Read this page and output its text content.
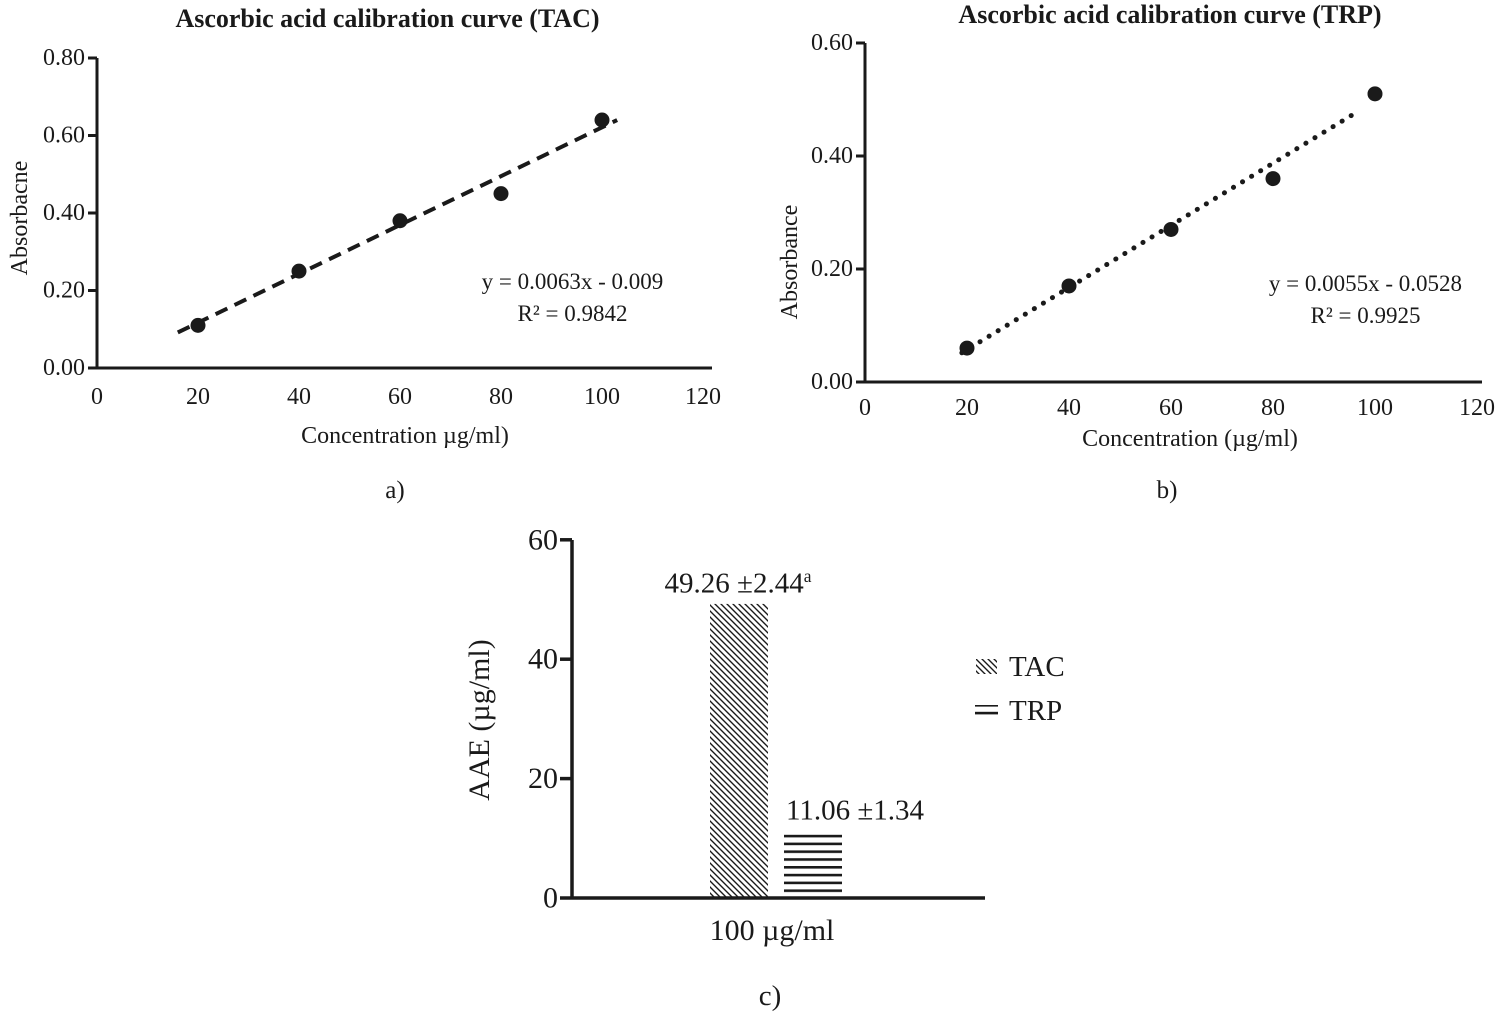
Ascorbic acid calibration curve (TAC)
Absorbacne
0.00
0.20
0.40
0.60
0.80
0	20	40	60	80	100	120
y = 0.0063x - 0.009
R² = 0.9842
Concentration µg/ml)
a)
Ascorbic acid calibration curve (TRP)
Absorbance
0.00
0.20
0.40
0.60
0	20	40	60	80	100	120
y = 0.0055x - 0.0528
R² = 0.9925
Concentration (µg/ml)
b)
AAE (µg/ml)
0
20
40
60
49.26 ±2.44$^a$
11.06 ±1.34
100 µg/ml
TAC
TRP
c)
